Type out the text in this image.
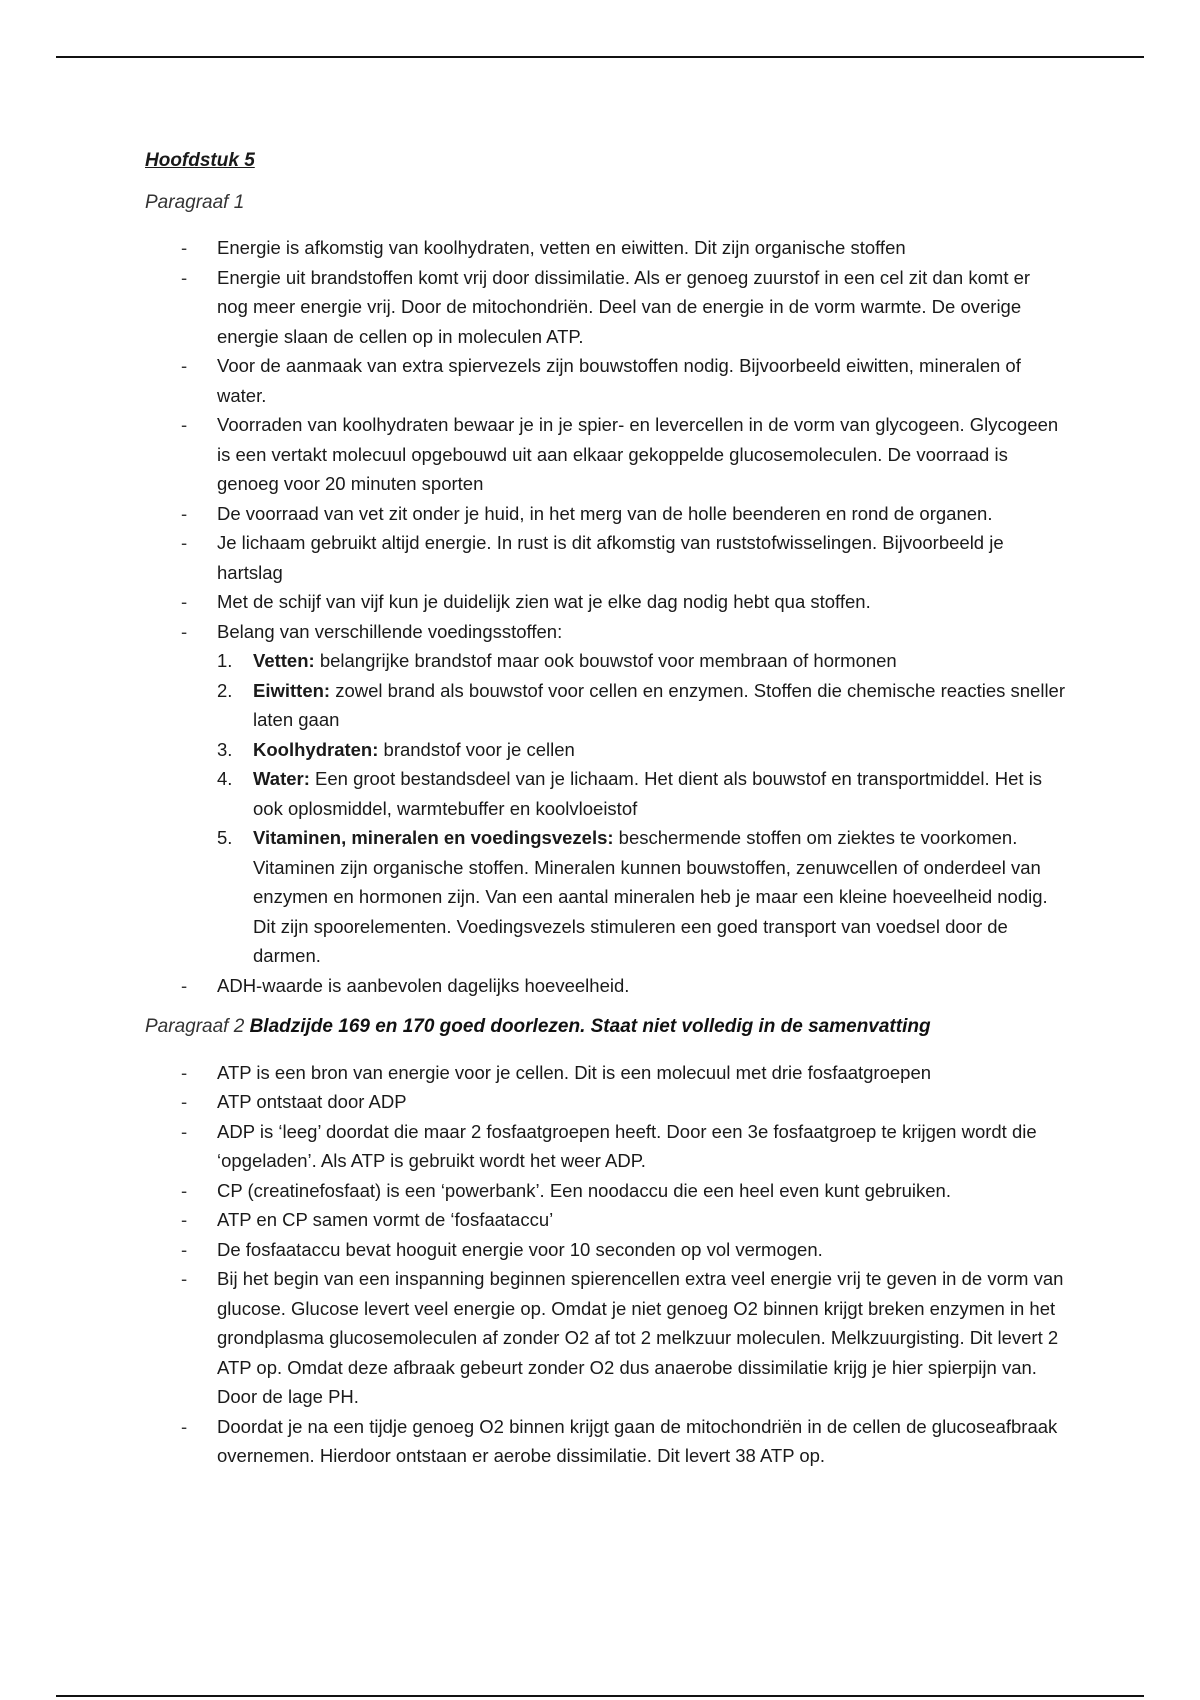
Hoofdstuk 5
Paragraaf 1
- Energie is afkomstig van koolhydraten, vetten en eiwitten. Dit zijn organische stoffen
- Energie uit brandstoffen komt vrij door dissimilatie. Als er genoeg zuurstof in een cel zit dan komt er nog meer energie vrij. Door de mitochondriën. Deel van de energie in de vorm warmte. De overige energie slaan de cellen op in moleculen ATP.
- Voor de aanmaak van extra spiervezels zijn bouwstoffen nodig. Bijvoorbeeld eiwitten, mineralen of water.
- Voorraden van koolhydraten bewaar je in je spier- en levercellen in de vorm van glycogeen. Glycogeen is een vertakt molecuul opgebouwd uit aan elkaar gekoppelde glucosemoleculen. De voorraad is genoeg voor 20 minuten sporten
- De voorraad van vet zit onder je huid, in het merg van de holle beenderen en rond de organen.
- Je lichaam gebruikt altijd energie. In rust is dit afkomstig van ruststofwisselingen. Bijvoorbeeld je hartslag
- Met de schijf van vijf kun je duidelijk zien wat je elke dag nodig hebt qua stoffen.
- Belang van verschillende voedingsstoffen:
1. Vetten: belangrijke brandstof maar ook bouwstof voor membraan of hormonen
2. Eiwitten: zowel brand als bouwstof voor cellen en enzymen. Stoffen die chemische reacties sneller laten gaan
3. Koolhydraten: brandstof voor je cellen
4. Water: Een groot bestandsdeel van je lichaam. Het dient als bouwstof en transportmiddel. Het is ook oplosmiddel, warmtebuffer en koolvloeistof
5. Vitaminen, mineralen en voedingsvezels: beschermende stoffen om ziektes te voorkomen. Vitaminen zijn organische stoffen. Mineralen kunnen bouwstoffen, zenuwcellen of onderdeel van enzymen en hormonen zijn. Van een aantal mineralen heb je maar een kleine hoeveelheid nodig. Dit zijn spoorelementen. Voedingsvezels stimuleren een goed transport van voedsel door de darmen.
- ADH-waarde is aanbevolen dagelijks hoeveelheid.
Paragraaf 2 Bladzijde 169 en 170 goed doorlezen. Staat niet volledig in de samenvatting
- ATP is een bron van energie voor je cellen. Dit is een molecuul met drie fosfaatgroepen
- ATP ontstaat door ADP
- ADP is ‘leeg’ doordat die maar 2 fosfaatgroepen heeft. Door een 3e fosfaatgroep te krijgen wordt die ‘opgeladen’. Als ATP is gebruikt wordt het weer ADP.
- CP (creatinefosfaat) is een ‘powerbank’. Een noodaccu die een heel even kunt gebruiken.
- ATP en CP samen vormt de ‘fosfaataccu’
- De fosfaataccu bevat hooguit energie voor 10 seconden op vol vermogen.
- Bij het begin van een inspanning beginnen spierencellen extra veel energie vrij te geven in de vorm van glucose. Glucose levert veel energie op. Omdat je niet genoeg O2 binnen krijgt breken enzymen in het grondplasma glucosemoleculen af zonder O2 af tot 2 melkzuur moleculen. Melkzuurgisting. Dit levert 2 ATP op. Omdat deze afbraak gebeurt zonder O2 dus anaerobe dissimilatie krijg je hier spierpijn van. Door de lage PH.
- Doordat je na een tijdje genoeg O2 binnen krijgt gaan de mitochondriën in de cellen de glucoseafbraak overnemen. Hierdoor ontstaan er aerobe dissimilatie. Dit levert 38 ATP op.
